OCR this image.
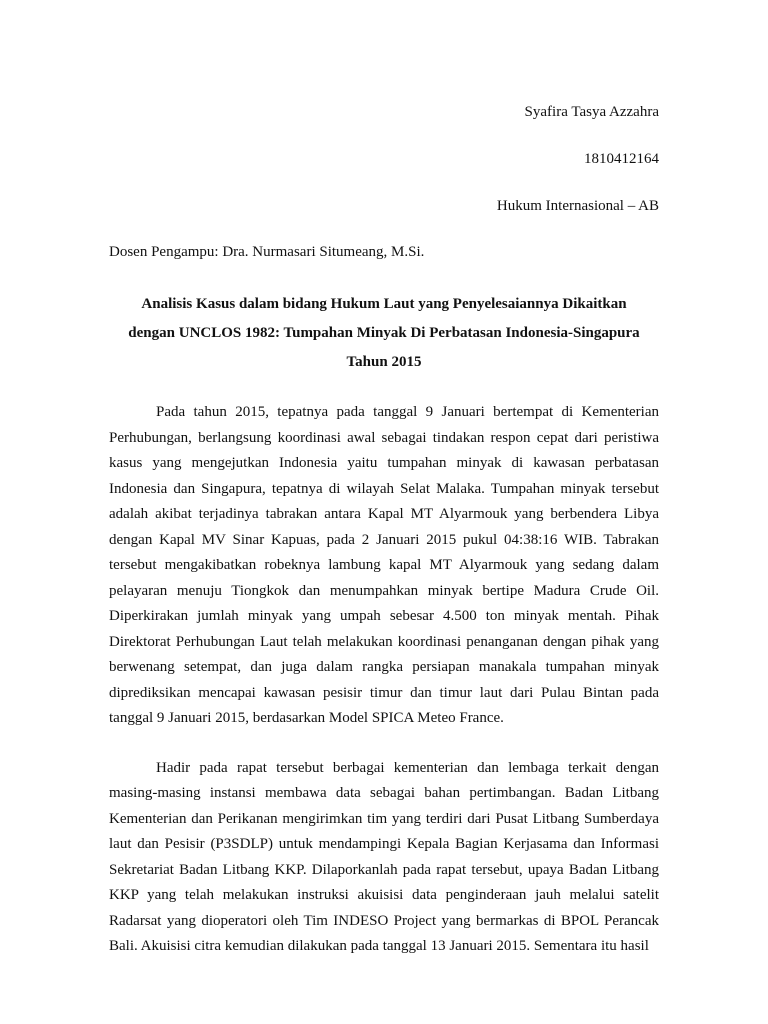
Syafira Tasya Azzahra

1810412164

Hukum Internasional – AB

Dosen Pengampu: Dra. Nurmasari Situmeang, M.Si.

Analisis Kasus dalam bidang Hukum Laut yang Penyelesaiannya Dikaitkan
dengan UNCLOS 1982: Tumpahan Minyak Di Perbatasan Indonesia-Singapura
Tahun 2015

Pada tahun 2015, tepatnya pada tanggal 9 Januari bertempat di Kementerian Perhubungan, berlangsung koordinasi awal sebagai tindakan respon cepat dari peristiwa kasus yang mengejutkan Indonesia yaitu tumpahan minyak di kawasan perbatasan Indonesia dan Singapura, tepatnya di wilayah Selat Malaka. Tumpahan minyak tersebut adalah akibat terjadinya tabrakan antara Kapal MT Alyarmouk yang berbendera Libya dengan Kapal MV Sinar Kapuas, pada 2 Januari 2015 pukul 04:38:16 WIB. Tabrakan tersebut mengakibatkan robeknya lambung kapal MT Alyarmouk yang sedang dalam pelayaran menuju Tiongkok dan menumpahkan minyak bertipe Madura Crude Oil. Diperkirakan jumlah minyak yang umpah sebesar 4.500 ton minyak mentah. Pihak Direktorat Perhubungan Laut telah melakukan koordinasi penanganan dengan pihak yang berwenang setempat, dan juga dalam rangka persiapan manakala tumpahan minyak diprediksikan mencapai kawasan pesisir timur dan timur laut dari Pulau Bintan pada tanggal 9 Januari 2015, berdasarkan Model SPICA Meteo France.

Hadir pada rapat tersebut berbagai kementerian dan lembaga terkait dengan masing-masing instansi membawa data sebagai bahan pertimbangan. Badan Litbang Kementerian dan Perikanan mengirimkan tim yang terdiri dari Pusat Litbang Sumberdaya laut dan Pesisir (P3SDLP) untuk mendampingi Kepala Bagian Kerjasama dan Informasi Sekretariat Badan Litbang KKP. Dilaporkanlah pada rapat tersebut, upaya Badan Litbang KKP yang telah melakukan instruksi akuisisi data penginderaan jauh melalui satelit Radarsat yang dioperatori oleh Tim INDESO Project yang bermarkas di BPOL Perancak Bali. Akuisisi citra kemudian dilakukan pada tanggal 13 Januari 2015. Sementara itu hasil
